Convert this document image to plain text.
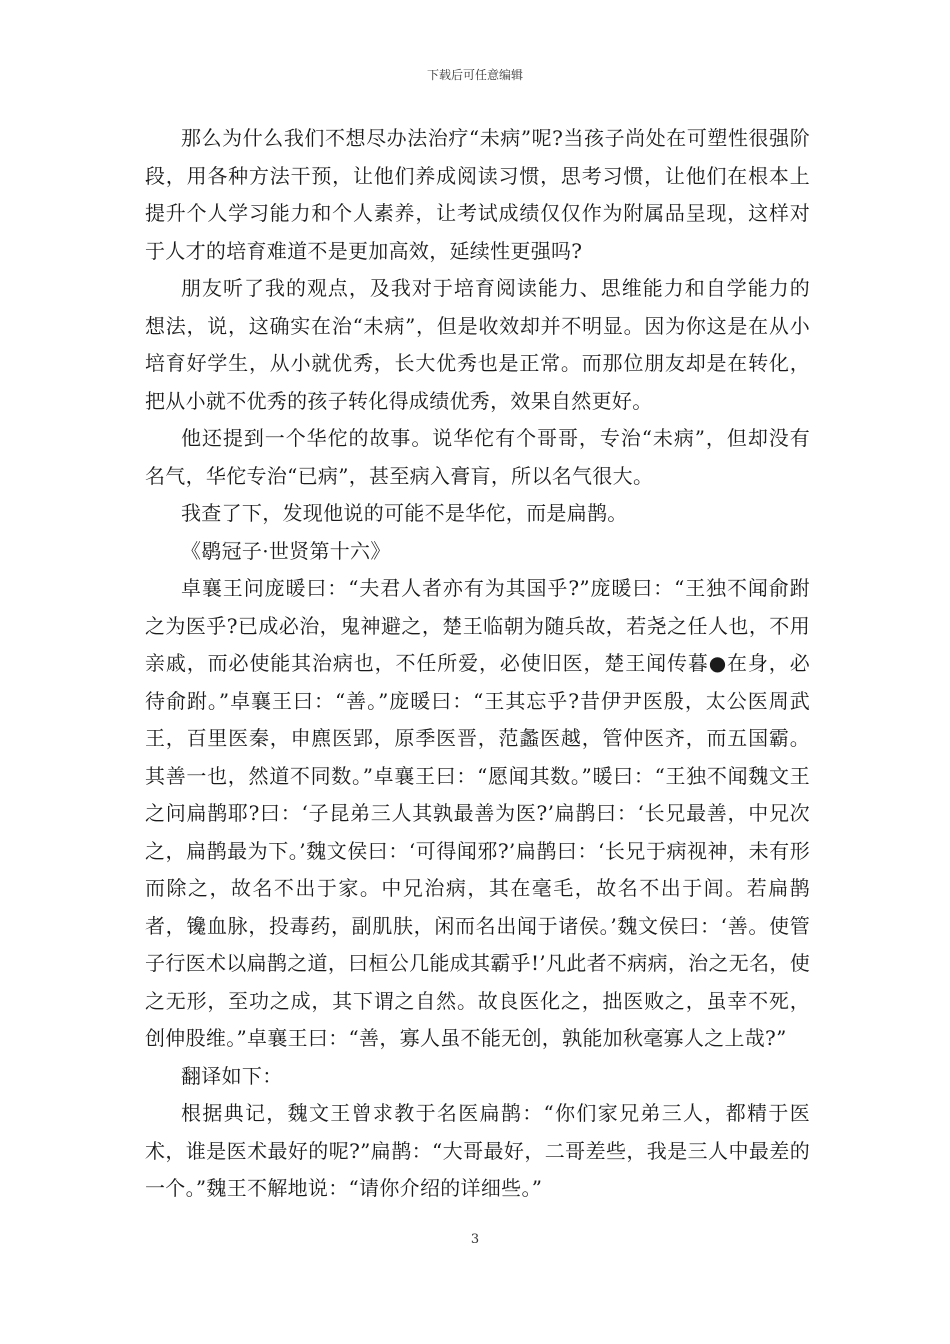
下载后可任意编辑

那么为什么我们不想尽办法治疗“未病”呢?当孩子尚处在可塑性很强阶段，用各种方法干预，让他们养成阅读习惯，思考习惯，让他们在根本上提升个人学习能力和个人素养，让考试成绩仅仅作为附属品呈现，这样对于人才的培育难道不是更加高效，延续性更强吗?

朋友听了我的观点，及我对于培育阅读能力、思维能力和自学能力的想法，说，这确实在治“未病”，但是收效却并不明显。因为你这是在从小培育好学生，从小就优秀，长大优秀也是正常。而那位朋友却是在转化，把从小就不优秀的孩子转化得成绩优秀，效果自然更好。

他还提到一个华佗的故事。说华佗有个哥哥，专治“未病”，但却没有名气，华佗专治“已病”，甚至病入膏肓，所以名气很大。

我查了下，发现他说的可能不是华佗，而是扁鹊。

《鹖冠子·世贤第十六》

卓襄王问庞暖曰：“夫君人者亦有为其国乎?”庞暖曰：“王独不闻俞跗之为医乎?已成必治，鬼神避之，楚王临朝为随兵故，若尧之任人也，不用亲戚，而必使能其治病也，不任所爱，必使旧医，楚王闻传暮●在身，必待俞跗。”卓襄王曰：“善。”庞暖曰：“王其忘乎?昔伊尹医殷，太公医周武王，百里医秦，申麃医郢，原季医晋，范蠡医越，管仲医齐，而五国霸。其善一也，然道不同数。”卓襄王曰：“愿闻其数。”暖曰：“王独不闻魏文王之问扁鹊耶?曰：‘子昆弟三人其孰最善为医?’扁鹊曰：‘长兄最善，中兄次之，扁鹊最为下。’魏文侯曰：‘可得闻邪?’扁鹊曰：‘长兄于病视神，未有形而除之，故名不出于家。中兄治病，其在毫毛，故名不出于闾。若扁鹊者，镵血脉，投毒药，副肌肤，闲而名出闻于诸侯。’魏文侯曰：‘善。使管子行医术以扁鹊之道，曰桓公几能成其霸乎!’凡此者不病病，治之无名，使之无形，至功之成，其下谓之自然。故良医化之，拙医败之，虽幸不死，创伸股维。”卓襄王曰：“善，寡人虽不能无创，孰能加秋毫寡人之上哉?”

翻译如下：

根据典记，魏文王曾求教于名医扁鹊：“你们家兄弟三人，都精于医术，谁是医术最好的呢?”扁鹊：“大哥最好，二哥差些，我是三人中最差的一个。”魏王不解地说：“请你介绍的详细些。”

3
